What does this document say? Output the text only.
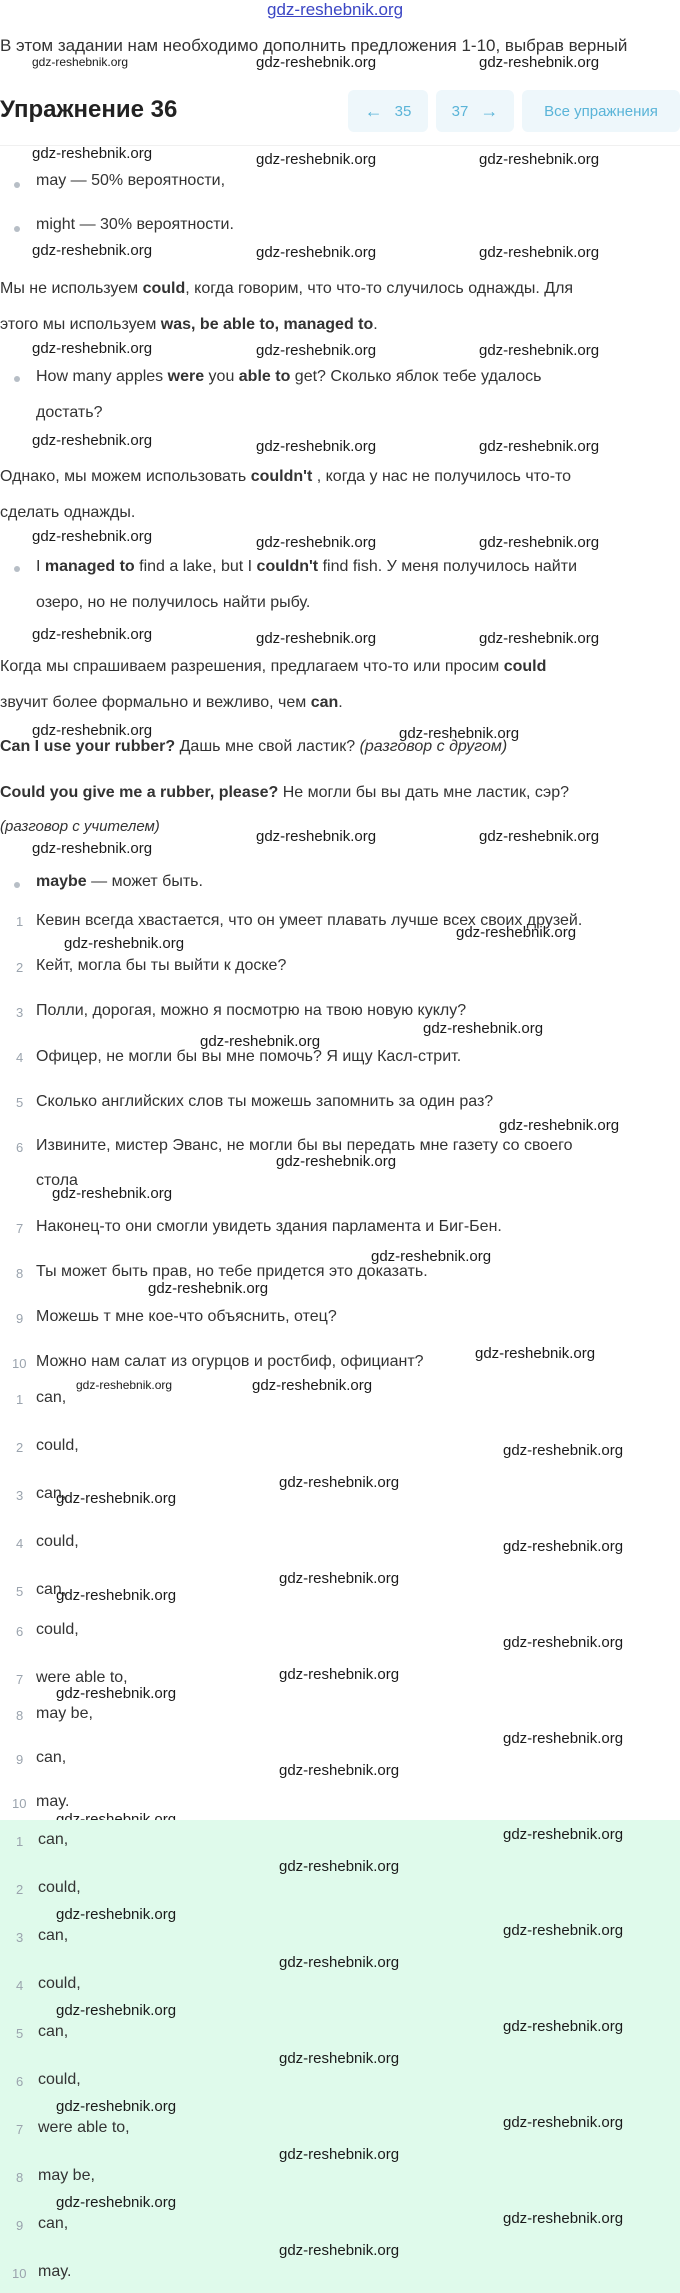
gdz-reshebnik.org
В этом задании нам необходимо дополнить предложения 1-10, выбрав верный
gdz-reshebnik.org	gdz-reshebnik.org	gdz-reshebnik.org
Упражнение 36	← 35	37 →	Все упражнения
gdz-reshebnik.org	gdz-reshebnik.org	gdz-reshebnik.org
may — 50% вероятности,
gdz-reshebnik.org
might — 30% вероятности.
gdz-reshebnik.org	gdz-reshebnik.org
Мы не используем could, когда говорим, что что-то случилось однажды. Для
этого мы используем was, be able to, managed to.
gdz-reshebnik.org	gdz-reshebnik.org	gdz-reshebnik.org
How many apples were you able to get? Сколько яблок тебе удалось
достать?
gdz-reshebnik.org	gdz-reshebnik.org	gdz-reshebnik.org
Однако, мы можем использовать couldn't , когда у нас не получилось что-то
сделать однажды.
gdz-reshebnik.org	gdz-reshebnik.org	gdz-reshebnik.org
I managed to find a lake, but I couldn't find fish. У меня получилось найти
озеро, но не получилось найти рыбу.
gdz-reshebnik.org	gdz-reshebnik.org	gdz-reshebnik.org
Когда мы спрашиваем разрешения, предлагаем что-то или просим could
звучит более формально и вежливо, чем can.
gdz-reshebnik.org	gdz-reshebnik.org
Can I use your rubber? Дашь мне свой ластик? (разговор с другом)
Could you give me a rubber, please? Не могли бы вы дать мне ластик, сэр?
(разговор с учителем)
gdz-reshebnik.org
gdz-reshebnik.org	gdz-reshebnik.org
maybe — может быть.
1 Кевин всегда хвастается, что он умеет плавать лучше всех своих друзей.
gdz-reshebnik.org
gdz-reshebnik.org
2 Кейт, могла бы ты выйти к доске?
3 Полли, дорогая, можно я посмотрю на твою новую куклу?
gdz-reshebnik.org
gdz-reshebnik.org
4 Офицер, не могли бы вы мне помочь? Я ищу Касл-стрит.
5 Сколько английских слов ты можешь запомнить за один раз?
gdz-reshebnik.org
6 Извините, мистер Эванс, не могли бы вы передать мне газету со своего
gdz-reshebnik.org
стола
gdz-reshebnik.org
7 Наконец-то они смогли увидеть здания парламента и Биг-Бен.
gdz-reshebnik.org
8 Ты может быть прав, но тебе придется это доказать.
gdz-reshebnik.org
9 Можешь т мне кое-что объяснить, отец?
10 Можно нам салат из огурцов и ростбиф, официант?	gdz-reshebnik.org
gdz-reshebnik.org	gdz-reshebnik.org
1 can,
gdz-reshebnik.org
2 could,
3 can,
gdz-reshebnik.org
gdz-reshebnik.org
4 could,	gdz-reshebnik.org
5 can,
gdz-reshebnik.org
gdz-reshebnik.org
6 could,
gdz-reshebnik.org
7 were able to,	gdz-reshebnik.org
gdz-reshebnik.org
8 may be,
gdz-reshebnik.org
9 can,
gdz-reshebnik.org
10 may.
gdz-reshebnik.org
1 can,
gdz-reshebnik.org
2 could,
gdz-reshebnik.org
gdz-reshebnik.org
3 can,
gdz-reshebnik.org
4 could,
gdz-reshebnik.org
gdz-reshebnik.org
5 can,
gdz-reshebnik.org
6 could,
gdz-reshebnik.org
gdz-reshebnik.org
7 were able to,
gdz-reshebnik.org
8 may be,
gdz-reshebnik.org
gdz-reshebnik.org
9 can,
gdz-reshebnik.org
10 may.
